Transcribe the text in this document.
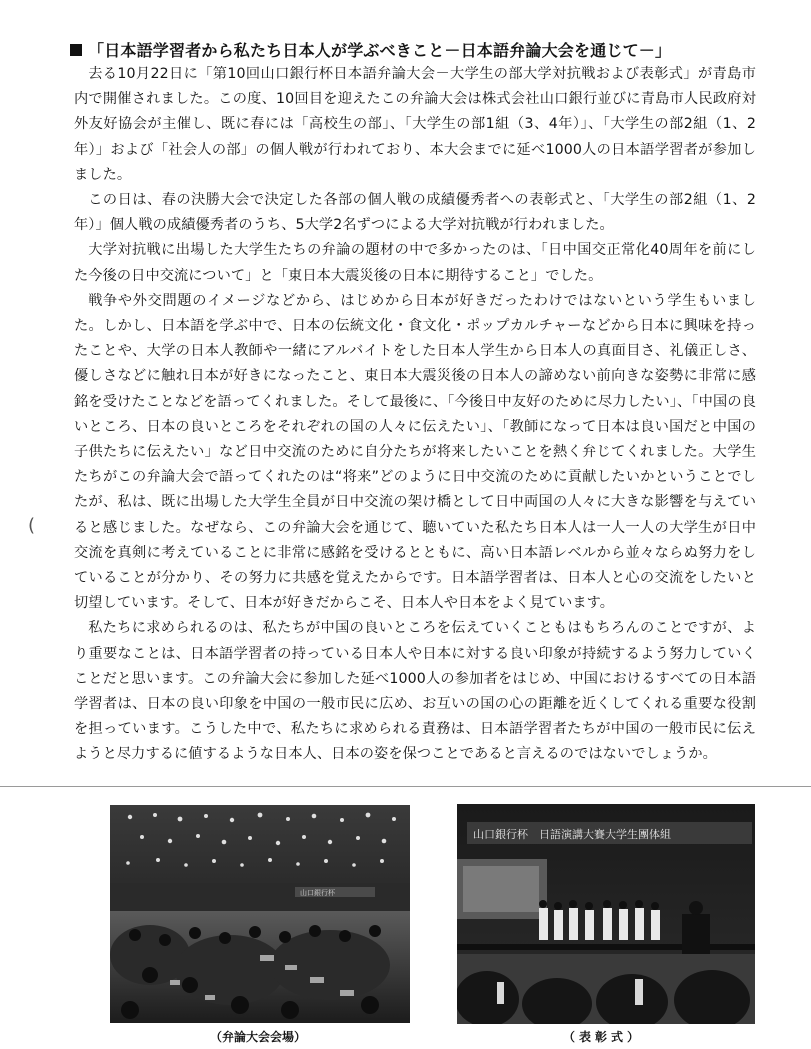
「日本語学習者から私たち日本人が学ぶべきこと－日本語弁論大会を通じて－」

去る10月22日に「第10回山口銀行杯日本語弁論大会－大学生の部大学対抗戦および表彰式」が青島市内で開催されました。この度、10回目を迎えたこの弁論大会は株式会社山口銀行並びに青島市人民政府対外友好協会が主催し、既に春には「高校生の部」、「大学生の部1組（3、4年）」、「大学生の部2組（1、2年）」および「社会人の部」の個人戦が行われており、本大会までに延べ1000人の日本語学習者が参加しました。

この日は、春の決勝大会で決定した各部の個人戦の成績優秀者への表彰式と、「大学生の部2組（1、2年）」個人戦の成績優秀者のうち、5大学2名ずつによる大学対抗戦が行われました。

大学対抗戦に出場した大学生たちの弁論の題材の中で多かったのは、「日中国交正常化40周年を前にした今後の日中交流について」と「東日本大震災後の日本に期待すること」でした。

戦争や外交問題のイメージなどから、はじめから日本が好きだったわけではないという学生もいました。しかし、日本語を学ぶ中で、日本の伝統文化・食文化・ポップカルチャーなどから日本に興味を持ったことや、大学の日本人教師や一緒にアルバイトをした日本人学生から日本人の真面目さ、礼儀正しさ、優しさなどに触れ日本が好きになったこと、東日本大震災後の日本人の諦めない前向きな姿勢に非常に感銘を受けたことなどを語ってくれました。そして最後に、「今後日中友好のために尽力したい」、「中国の良いところ、日本の良いところをそれぞれの国の人々に伝えたい」、「教師になって日本は良い国だと中国の子供たちに伝えたい」など日中交流のために自分たちが将来したいことを熱く弁じてくれました。大学生たちがこの弁論大会で語ってくれたのは“将来”どのように日中交流のために貢献したいかということでしたが、私は、既に出場した大学生全員が日中交流の架け橋として日中両国の人々に大きな影響を与えていると感じました。なぜなら、この弁論大会を通じて、聴いていた私たち日本人は一人一人の大学生が日中交流を真剣に考えていることに非常に感銘を受けるとともに、高い日本語レベルから並々ならぬ努力をしていることが分かり、その努力に共感を覚えたからです。日本語学習者は、日本人と心の交流をしたいと切望しています。そして、日本が好きだからこそ、日本人や日本をよく見ています。

私たちに求められるのは、私たちが中国の良いところを伝えていくこともはもちろんのことですが、より重要なことは、日本語学習者の持っている日本人や日本に対する良い印象が持続するよう努力していくことだと思います。この弁論大会に参加した延べ1000人の参加者をはじめ、中国におけるすべての日本語学習者は、日本の良い印象を中国の一般市民に広め、お互いの国の心の距離を近くしてくれる重要な役割を担っています。こうした中で、私たちに求められる責務は、日本語学習者たちが中国の一般市民に伝えようと尽力するに値するような日本人、日本の姿を保つことであると言えるのではないでしょうか。

(
山口銀行杯
山口銀行杯　日語演講大賽大学生團体組
（弁論大会会場）	（表彰式）
